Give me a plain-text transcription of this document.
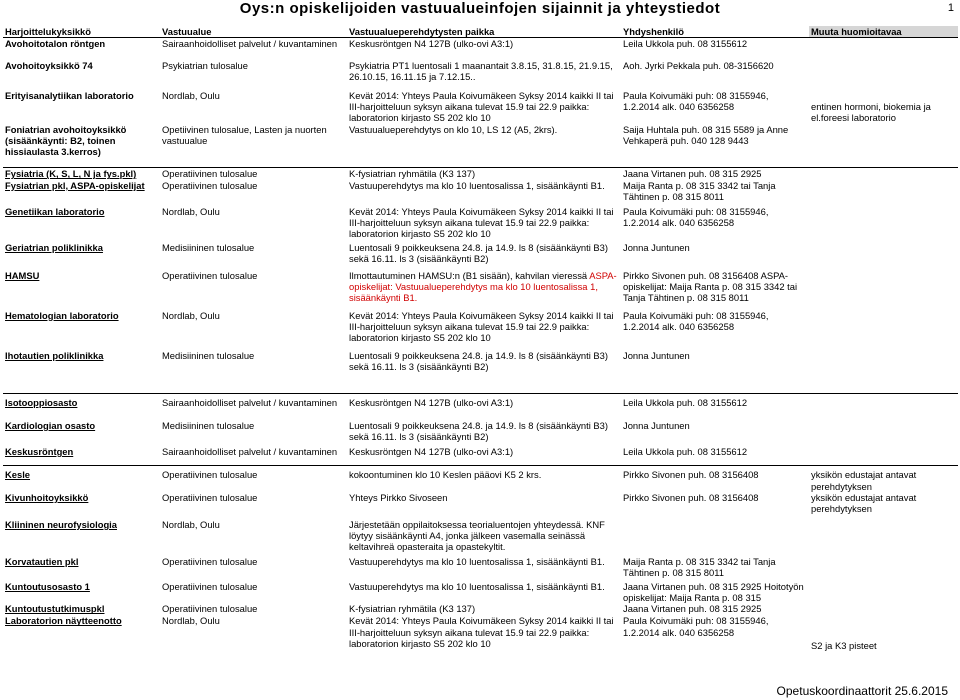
Oys:n opiskelijoiden vastuualueinfojen sijainnit ja yhteystiedot	1
Harjoittelukyksikkö	Vastuualue	Vastuualueperehdytysten paikka	Yhdyshenkilö	Muuta huomioitavaa
Avohoitotalon röntgen	Sairaanhoidolliset palvelut / kuvantaminen	Keskusröntgen N4 127B (ulko-ovi A3:1)	Leila Ukkola puh. 08 3155612	
Avohoitoyksikkö 74	Psykiatrian tulosalue	Psykiatria PT1 luentosali 1 maanantait 3.8.15, 31.8.15, 21.9.15, 26.10.15, 16.11.15 ja 7.12.15..	Aoh. Jyrki Pekkala puh. 08-3156620	
Erityisanalytiikan laboratorio	Nordlab, Oulu	Kevät 2014: Yhteys Paula Koivumäkeen Syksy 2014 kaikki II tai III-harjoitteluun syksyn aikana tulevat 15.9 tai 22.9 paikka: laboratorion kirjasto S5 202 klo 10	Paula Koivumäki puh: 08 3155946, 1.2.2014 alk. 040 6356258	entinen hormoni, biokemia ja el.foreesi laboratorio
Foniatrian avohoitoyksikkö (sisäänkäynti: B2, toinen hissiaulasta 3.kerros)	Opetiivinen tulosalue, Lasten ja nuorten vastuualue	Vastuualueperehdytys on klo 10, LS 12 (A5, 2krs).	Saija Huhtala puh. 08 315 5589 ja Anne Vehkaperä puh. 040 128 9443	
Fysiatria (K, S, L, N ja fys.pkl)	Operatiivinen tulosalue	K-fysiatrian ryhmätila (K3 137)	Jaana Virtanen puh. 08 315 2925	
Fysiatrian pkl, ASPA-opiskelijat	Operatiivinen tulosalue	Vastuuperehdytys ma klo 10 luentosalissa 1, sisäänkäynti B1.	Maija Ranta p. 08 315 3342 tai Tanja Tähtinen p. 08 315 8011	
Genetiikan laboratorio	Nordlab, Oulu	Kevät 2014: Yhteys Paula Koivumäkeen Syksy 2014 kaikki II tai III-harjoitteluun syksyn aikana tulevat 15.9 tai 22.9 paikka: laboratorion kirjasto S5 202 klo 10	Paula Koivumäki puh: 08 3155946, 1.2.2014 alk. 040 6356258	
Geriatrian poliklinikka	Medisiininen tulosalue	Luentosali 9 poikkeuksena 24.8. ja 14.9. ls 8 (sisäänkäynti B3) sekä 16.11. ls 3 (sisäänkäynti B2)	Jonna Juntunen	
HAMSU	Operatiivinen tulosalue	Ilmottautuminen HAMSU:n (B1 sisään), kahvilan vieressä ASPA-opiskelijat: Vastuualueperehdytys ma klo 10 luentosalissa 1, sisäänkäynti B1.	Pirkko Sivonen puh. 08 3156408 ASPA-opiskelijat: Maija Ranta p. 08 315 3342 tai Tanja Tähtinen p. 08 315 8011	
Hematologian laboratorio	Nordlab, Oulu	Kevät 2014: Yhteys Paula Koivumäkeen Syksy 2014 kaikki II tai III-harjoitteluun syksyn aikana tulevat 15.9 tai 22.9 paikka: laboratorion kirjasto S5 202 klo 10	Paula Koivumäki puh: 08 3155946, 1.2.2014 alk. 040 6356258	
Ihotautien poliklinikka	Medisiininen tulosalue	Luentosali 9 poikkeuksena 24.8. ja 14.9. ls 8 (sisäänkäynti B3) sekä 16.11. ls 3 (sisäänkäynti B2)	Jonna Juntunen	
Isotooppiosasto	Sairaanhoidolliset palvelut / kuvantaminen	Keskusröntgen N4 127B (ulko-ovi A3:1)	Leila Ukkola puh. 08 3155612	
Kardiologian osasto	Medisiininen tulosalue	Luentosali 9 poikkeuksena 24.8. ja 14.9. ls 8 (sisäänkäynti B3) sekä 16.11. ls 3 (sisäänkäynti B2)	Jonna Juntunen	
Keskusröntgen	Sairaanhoidolliset palvelut / kuvantaminen	Keskusröntgen N4 127B (ulko-ovi A3:1)	Leila Ukkola puh. 08 3155612	
Kesle	Operatiivinen tulosalue	kokoontuminen klo 10 Keslen pääovi K5 2 krs.	Pirkko Sivonen puh. 08 3156408	yksikön edustajat antavat perehdytyksen
Kivunhoitoyksikkö	Operatiivinen tulosalue	Yhteys Pirkko Sivoseen	Pirkko Sivonen puh. 08 3156408	yksikön edustajat antavat perehdytyksen
Kliininen neurofysiologia	Nordlab, Oulu	Järjestetään oppilaitoksessa teorialuentojen yhteydessä. KNF löytyy sisäänkäynti A4, jonka jälkeen vasemalla seinässä keltavihreä opasteraita ja opastekyltit.		
Korvatautien pkl	Operatiivinen tulosalue	Vastuuperehdytys ma klo 10 luentosalissa 1, sisäänkäynti B1.	Maija Ranta p. 08 315 3342 tai Tanja Tähtinen p. 08 315 8011	
Kuntoutusosasto 1	Operatiivinen tulosalue	Vastuuperehdytys ma klo 10 luentosalissa 1, sisäänkäynti B1.	Jaana Virtanen puh. 08 315 2925 Hoitotyön opiskelijat: Maija Ranta p. 08 315	
Kuntoutustutkimuspkl	Operatiivinen tulosalue	K-fysiatrian ryhmätila (K3 137)	Jaana Virtanen puh. 08 315 2925	
Laboratorion näytteenotto	Nordlab, Oulu	Kevät 2014: Yhteys Paula Koivumäkeen Syksy 2014 kaikki II tai III-harjoitteluun syksyn aikana tulevat 15.9 tai 22.9 paikka: laboratorion kirjasto S5 202 klo 10	Paula Koivumäki puh: 08 3155946, 1.2.2014 alk. 040 6356258	S2 ja K3 pisteet
Opetuskoordinaattorit 25.6.2015
